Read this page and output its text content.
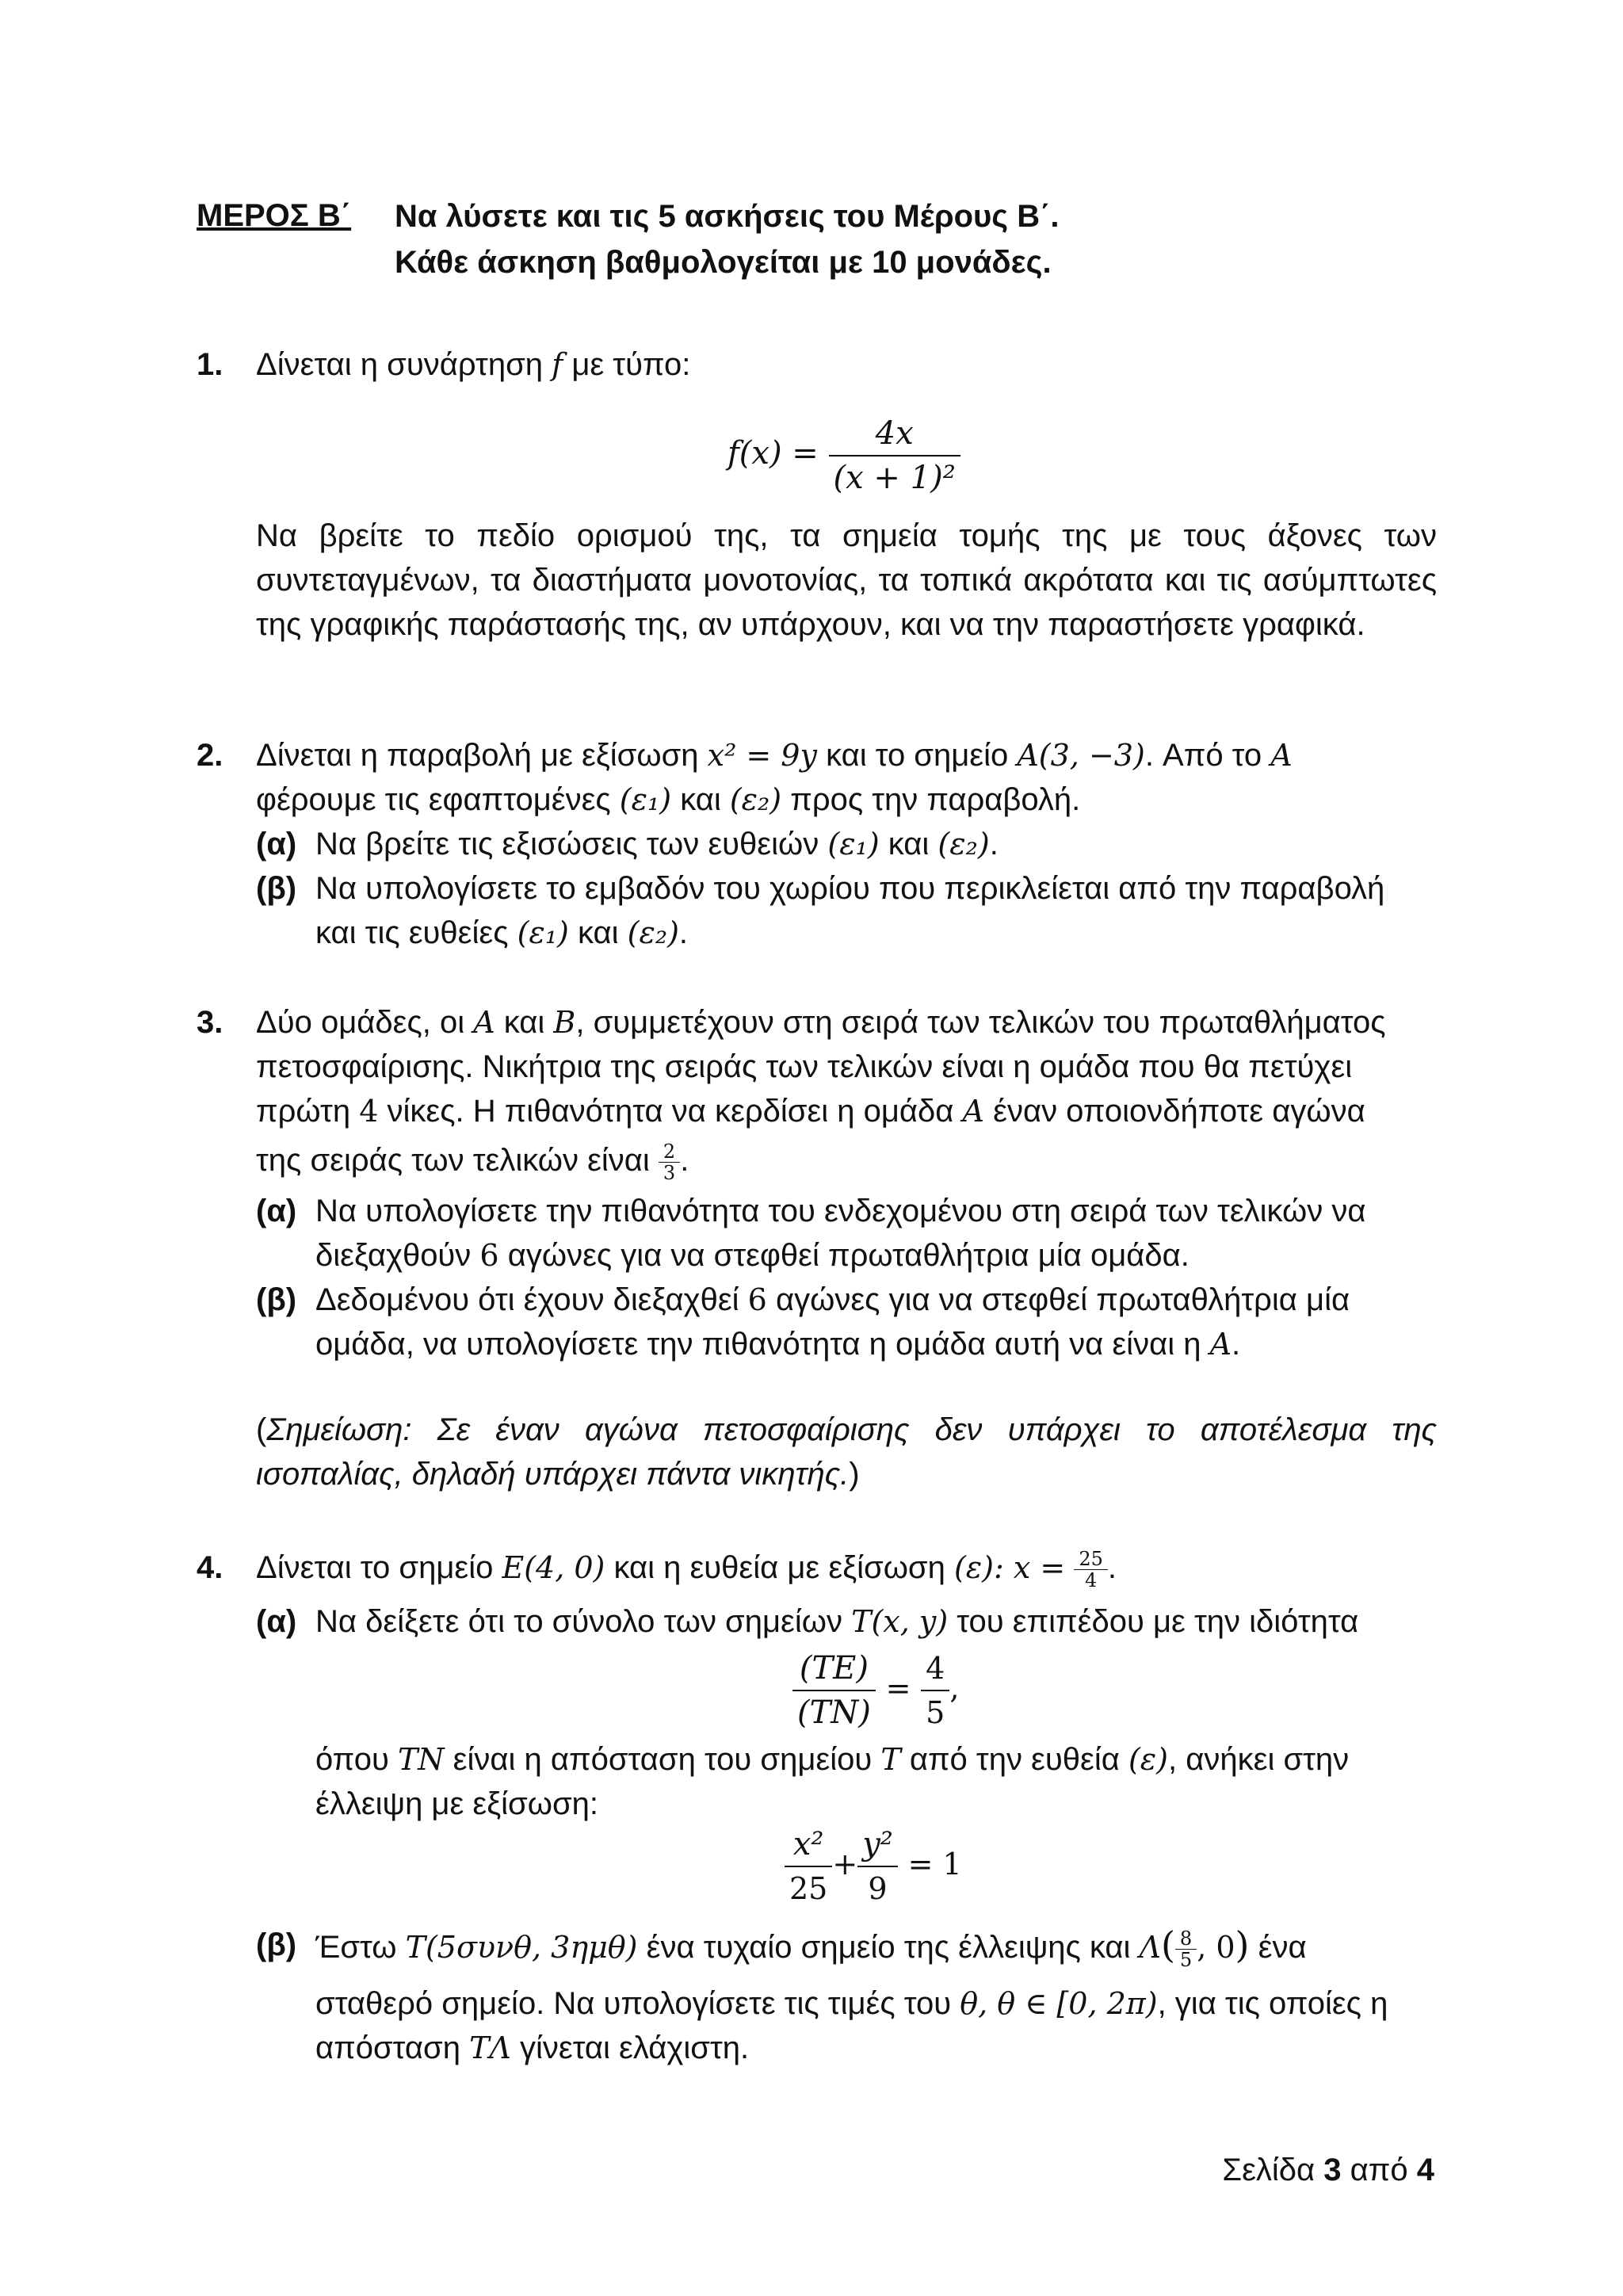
ΜΕΡΟΣ Β΄ Να λύσετε και τις 5 ασκήσεις του Μέρους Β΄.
Κάθε άσκηση βαθμολογείται με 10 μονάδες.
1. Δίνεται η συνάρτηση f με τύπο:
$f(x) = \frac{4x}{\text{(x + 1)²}}$
Να βρείτε το πεδίο ορισμού της, τα σημεία τομής της με τους άξονες των συντεταγμένων, τα διαστήματα μονοτονίας, τα τοπικά ακρότατα και τις ασύμπτωτες της γραφικής παράστασής της, αν υπάρχουν, και να την παραστήσετε γραφικά.
2. Δίνεται η παραβολή με εξίσωση x² = 9y και το σημείο A(3, −3). Από το A
φέρουμε τις εφαπτομένες (ε₁) και (ε₂) προς την παραβολή.
(α) Να βρείτε τις εξισώσεις των ευθειών (ε₁) και (ε₂).
(β) Να υπολογίσετε το εμβαδόν του χωρίου που περικλείεται από την παραβολή
και τις ευθείες (ε₁) και (ε₂).
3. Δύο ομάδες, οι A και B, συμμετέχουν στη σειρά των τελικών του πρωταθλήματος
πετοσφαίρισης. Νικήτρια της σειράς των τελικών είναι η ομάδα που θα πετύχει
πρώτη 4 νίκες. Η πιθανότητα να κερδίσει η ομάδα A έναν οποιονδήποτε αγώνα
της σειράς των τελικών είναι $\frac{2}{3}$ .
(α) Να υπολογίσετε την πιθανότητα του ενδεχομένου στη σειρά των τελικών να
διεξαχθούν 6 αγώνες για να στεφθεί πρωταθλήτρια μία ομάδα.
(β) Δεδομένου ότι έχουν διεξαχθεί 6 αγώνες για να στεφθεί πρωταθλήτρια μία
ομάδα, να υπολογίσετε την πιθανότητα η ομάδα αυτή να είναι η A.
(Σημείωση: Σε έναν αγώνα πετοσφαίρισης δεν υπάρχει το αποτέλεσμα της ισοπαλίας, δηλαδή υπάρχει πάντα νικητής.)
4. Δίνεται το σημείο E(4, 0) και η ευθεία με εξίσωση (ε): $x = \frac{25}{4}$ .
(α) Να δείξετε ότι το σύνολο των σημείων T(x, y) του επιπέδου με την ιδιότητα
$\frac{(TE)}{(TN)} = \frac{4}{5}$ ,
όπου TN είναι η απόσταση του σημείου T από την ευθεία (ε), ανήκει στην
έλλειψη με εξίσωση:
$\frac{\text{x²}}{25} + \frac{\text{y²}}{9} = 1$
(β) Έστω T(5συνθ, 3ημθ) ένα τυχαίο σημείο της έλλειψης και $\Lambda( \frac{8}{5}$ , 0) ένα
σταθερό σημείο. Να υπολογίσετε τις τιμές του θ, θ ∈ [0, 2π), για τις οποίες η
απόσταση TΛ γίνεται ελάχιστη.
Σελίδα 3 από 4
